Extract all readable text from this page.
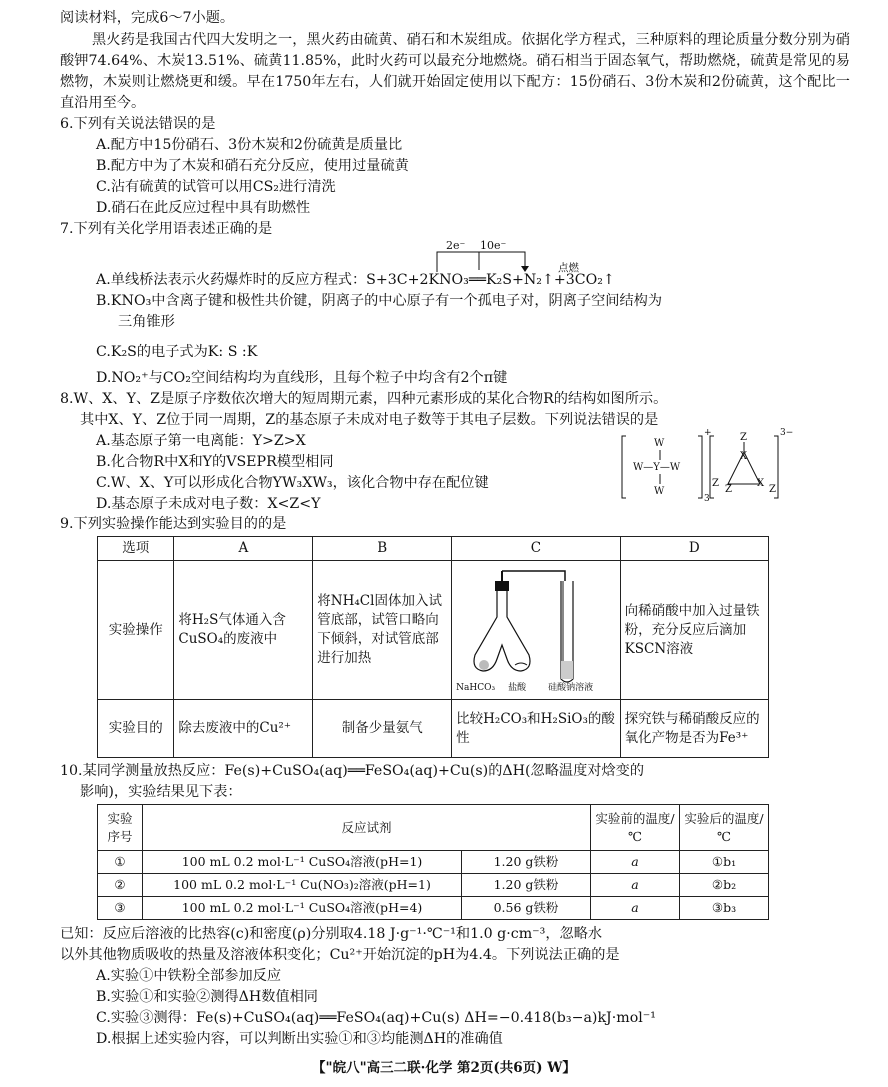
阅读材料，完成6～7小题。
黑火药是我国古代四大发明之一，黑火药由硫黄、硝石和木炭组成。依据化学方程式，三种原料的理论质量分数分别为硝酸钾74.64%、木炭13.51%、硫黄11.85%，此时火药可以最充分地燃烧。硝石相当于固态氧气，帮助燃烧，硫黄是常见的易燃物，木炭则让燃烧更和缓。早在1750年左右，人们就开始固定使用以下配方：15份硝石、3份木炭和2份硫黄，这个配比一直沿用至今。
6.下列有关说法错误的是
A.配方中15份硝石、3份木炭和2份硫黄是质量比
B.配方中为了木炭和硝石充分反应，使用过量硫黄
C.沾有硫黄的试管可以用CS₂进行清洗
D.硝石在此反应过程中具有助燃性
7.下列有关化学用语表述正确的是
2e⁻ 10e⁻
点燃
A.单线桥法表示火药爆炸时的反应方程式：S+3C+2KNO₃══K₂S+N₂↑+3CO₂↑
B.KNO₃中含离子键和极性共价键，阴离子的中心原子有一个孤电子对，阴离子空间结构为
三角锥形
C.K₂S的电子式为K: S :K
D.NO₂⁺与CO₂空间结构均为直线形，且每个粒子中均含有2个π键
8.W、X、Y、Z是原子序数依次增大的短周期元素，四种元素形成的某化合物R的结构如图所示。
其中X、Y、Z位于同一周期，Z的基态原子未成对电子数等于其电子层数。下列说法错误的是
A.基态原子第一电离能：Y>Z>X
B.化合物R中X和Y的VSEPR模型相同
C.W、X、Y可以形成化合物YW₃XW₃，该化合物中存在配位键
D.基态原子未成对电子数：X<Z<Y
W
W—Y—W
W
+
3
Z
X
Z
Z
X
Z
3−
9.下列实验操作能达到实验目的的是
选项	A	B	C	D
实验操作	将H₂S气体通入含CuSO₄的废液中	将NH₄Cl固体加入试管底部，试管口略向下倾斜，对试管底部进行加热	NaHCO₃ 盐酸 硅酸钠溶液	向稀硝酸中加入过量铁粉，充分反应后滴加KSCN溶液
实验目的	除去废液中的Cu²⁺	制备少量氨气	比较H₂CO₃和H₂SiO₃的酸性	探究铁与稀硝酸反应的氧化产物是否为Fe³⁺
10.某同学测量放热反应：Fe(s)+CuSO₄(aq)══FeSO₄(aq)+Cu(s)的ΔH(忽略温度对焓变的
影响)，实验结果见下表：
实验序号	反应试剂		实验前的温度/℃	实验后的温度/℃
①	100 mL 0.2 mol·L⁻¹ CuSO₄溶液(pH=1)	1.20 g铁粉	a	①b₁
②	100 mL 0.2 mol·L⁻¹ Cu(NO₃)₂溶液(pH=1)	1.20 g铁粉	a	②b₂
③	100 mL 0.2 mol·L⁻¹ CuSO₄溶液(pH=4)	0.56 g铁粉	a	③b₃
已知：反应后溶液的比热容(c)和密度(ρ)分别取4.18 J·g⁻¹·℃⁻¹和1.0 g·cm⁻³，忽略水
以外其他物质吸收的热量及溶液体积变化；Cu²⁺开始沉淀的pH为4.4。下列说法正确的是
A.实验①中铁粉全部参加反应
B.实验①和实验②测得ΔH数值相同
C.实验③测得：Fe(s)+CuSO₄(aq)══FeSO₄(aq)+Cu(s) ΔH=−0.418(b₃−a)kJ·mol⁻¹
D.根据上述实验内容，可以判断出实验①和③均能测ΔH的准确值
【"皖八"高三二联·化学 第2页(共6页) W】
